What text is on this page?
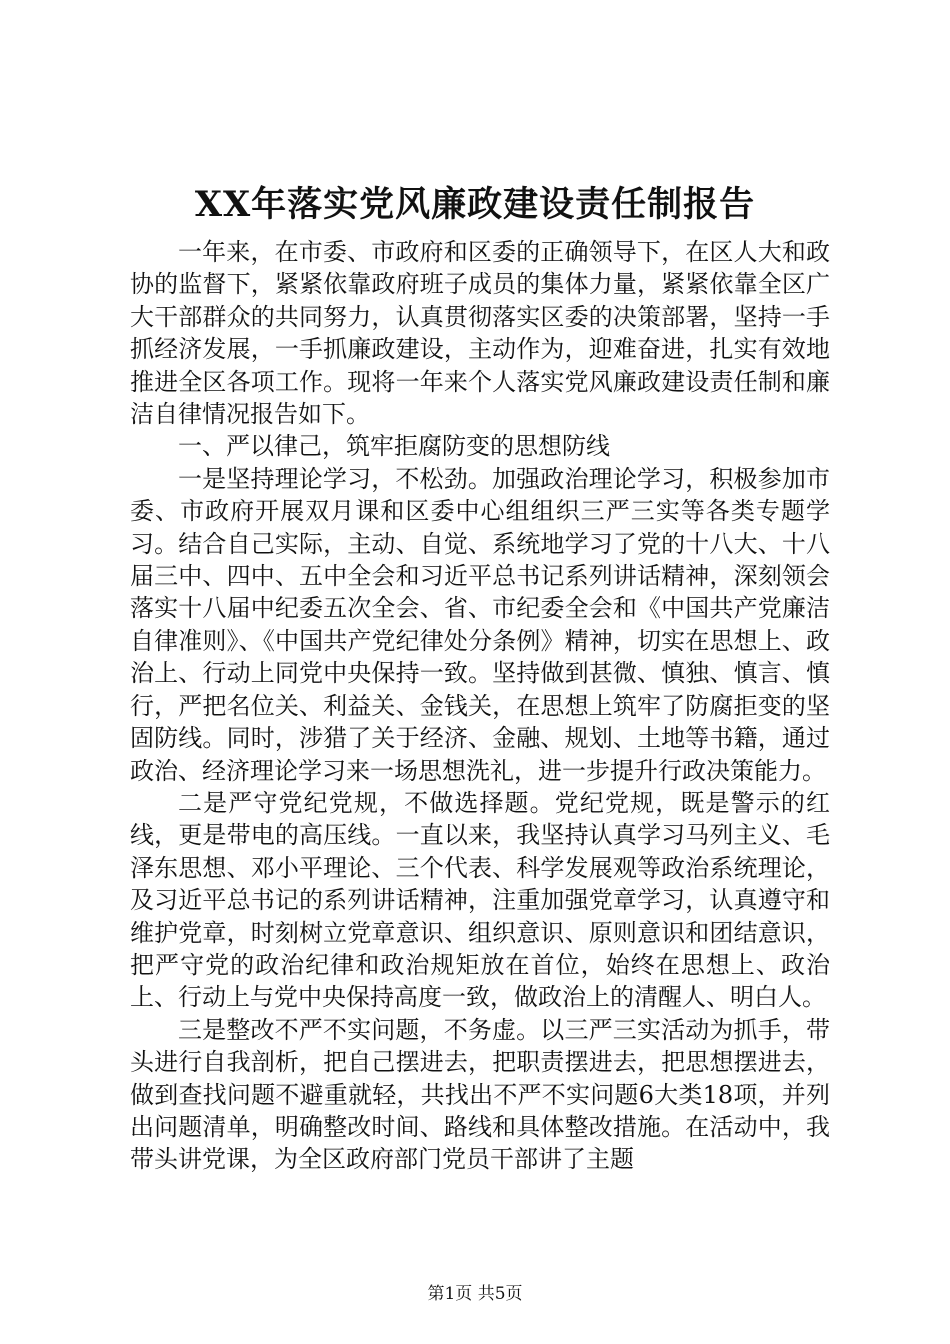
XX年落实党风廉政建设责任制报告

一年来，在市委、市政府和区委的正确领导下，在区人大和政协的监督下，紧紧依靠政府班子成员的集体力量，紧紧依靠全区广大干部群众的共同努力，认真贯彻落实区委的决策部署，坚持一手抓经济发展，一手抓廉政建设，主动作为，迎难奋进，扎实有效地推进全区各项工作。现将一年来个人落实党风廉政建设责任制和廉洁自律情况报告如下。

一、严以律己，筑牢拒腐防变的思想防线

一是坚持理论学习，不松劲。加强政治理论学习，积极参加市委、市政府开展双月课和区委中心组组织三严三实等各类专题学习。结合自己实际，主动、自觉、系统地学习了党的十八大、十八届三中、四中、五中全会和习近平总书记系列讲话精神，深刻领会落实十八届中纪委五次全会、省、市纪委全会和《中国共产党廉洁自律准则》、《中国共产党纪律处分条例》精神，切实在思想上、政治上、行动上同党中央保持一致。坚持做到甚微、慎独、慎言、慎行，严把名位关、利益关、金钱关，在思想上筑牢了防腐拒变的坚固防线。同时，涉猎了关于经济、金融、规划、土地等书籍，通过政治、经济理论学习来一场思想洗礼，进一步提升行政决策能力。

二是严守党纪党规，不做选择题。党纪党规，既是警示的红线，更是带电的高压线。一直以来，我坚持认真学习马列主义、毛泽东思想、邓小平理论、三个代表、科学发展观等政治系统理论，及习近平总书记的系列讲话精神，注重加强党章学习，认真遵守和维护党章，时刻树立党章意识、组织意识、原则意识和团结意识，把严守党的政治纪律和政治规矩放在首位，始终在思想上、政治上、行动上与党中央保持高度一致，做政治上的清醒人、明白人。

三是整改不严不实问题，不务虚。以三严三实活动为抓手，带头进行自我剖析，把自己摆进去，把职责摆进去，把思想摆进去，做到查找问题不避重就轻，共找出不严不实问题6大类18项，并列出问题清单，明确整改时间、路线和具体整改措施。在活动中，我带头讲党课，为全区政府部门党员干部讲了主题

第1页 共5页
